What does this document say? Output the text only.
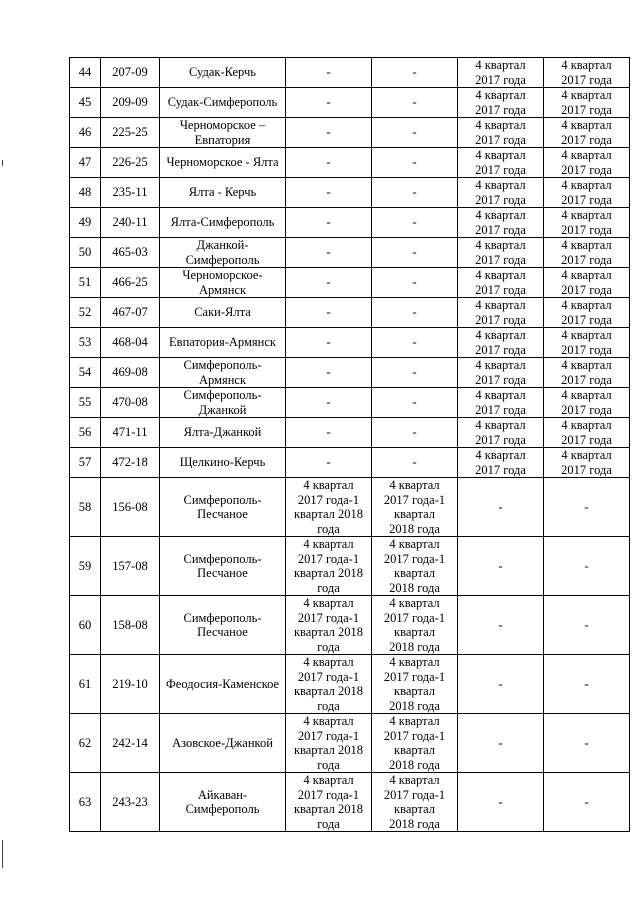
44	207-09	Судак-Керчь	-	-	4 квартал
2017 года	4 квартал
2017 года
45	209-09	Судак-Симферополь	-	-	4 квартал
2017 года	4 квартал
2017 года
46	225-25	Черноморское –
Евпатория	-	-	4 квартал
2017 года	4 квартал
2017 года
47	226-25	Черноморское - Ялта	-	-	4 квартал
2017 года	4 квартал
2017 года
48	235-11	Ялта - Керчь	-	-	4 квартал
2017 года	4 квартал
2017 года
49	240-11	Ялта-Симферополь	-	-	4 квартал
2017 года	4 квартал
2017 года
50	465-03	Джанкой-
Симферополь	-	-	4 квартал
2017 года	4 квартал
2017 года
51	466-25	Черноморское-
Армянск	-	-	4 квартал
2017 года	4 квартал
2017 года
52	467-07	Саки-Ялта	-	-	4 квартал
2017 года	4 квартал
2017 года
53	468-04	Евпатория-Армянск	-	-	4 квартал
2017 года	4 квартал
2017 года
54	469-08	Симферополь-
Армянск	-	-	4 квартал
2017 года	4 квартал
2017 года
55	470-08	Симферополь-
Джанкой	-	-	4 квартал
2017 года	4 квартал
2017 года
56	471-11	Ялта-Джанкой	-	-	4 квартал
2017 года	4 квартал
2017 года
57	472-18	Щелкино-Керчь	-	-	4 квартал
2017 года	4 квартал
2017 года
58	156-08	Симферополь-
Песчаное	4 квартал
2017 года-1
квартал 2018
года	4 квартал
2017 года-1
квартал
2018 года	-	-
59	157-08	Симферополь-
Песчаное	4 квартал
2017 года-1
квартал 2018
года	4 квартал
2017 года-1
квартал
2018 года	-	-
60	158-08	Симферополь-
Песчаное	4 квартал
2017 года-1
квартал 2018
года	4 квартал
2017 года-1
квартал
2018 года	-	-
61	219-10	Феодосия-Каменское	4 квартал
2017 года-1
квартал 2018
года	4 квартал
2017 года-1
квартал
2018 года	-	-
62	242-14	Азовское-Джанкой	4 квартал
2017 года-1
квартал 2018
года	4 квартал
2017 года-1
квартал
2018 года	-	-
63	243-23	Айкаван-
Симферополь	4 квартал
2017 года-1
квартал 2018
года	4 квартал
2017 года-1
квартал
2018 года	-	-
